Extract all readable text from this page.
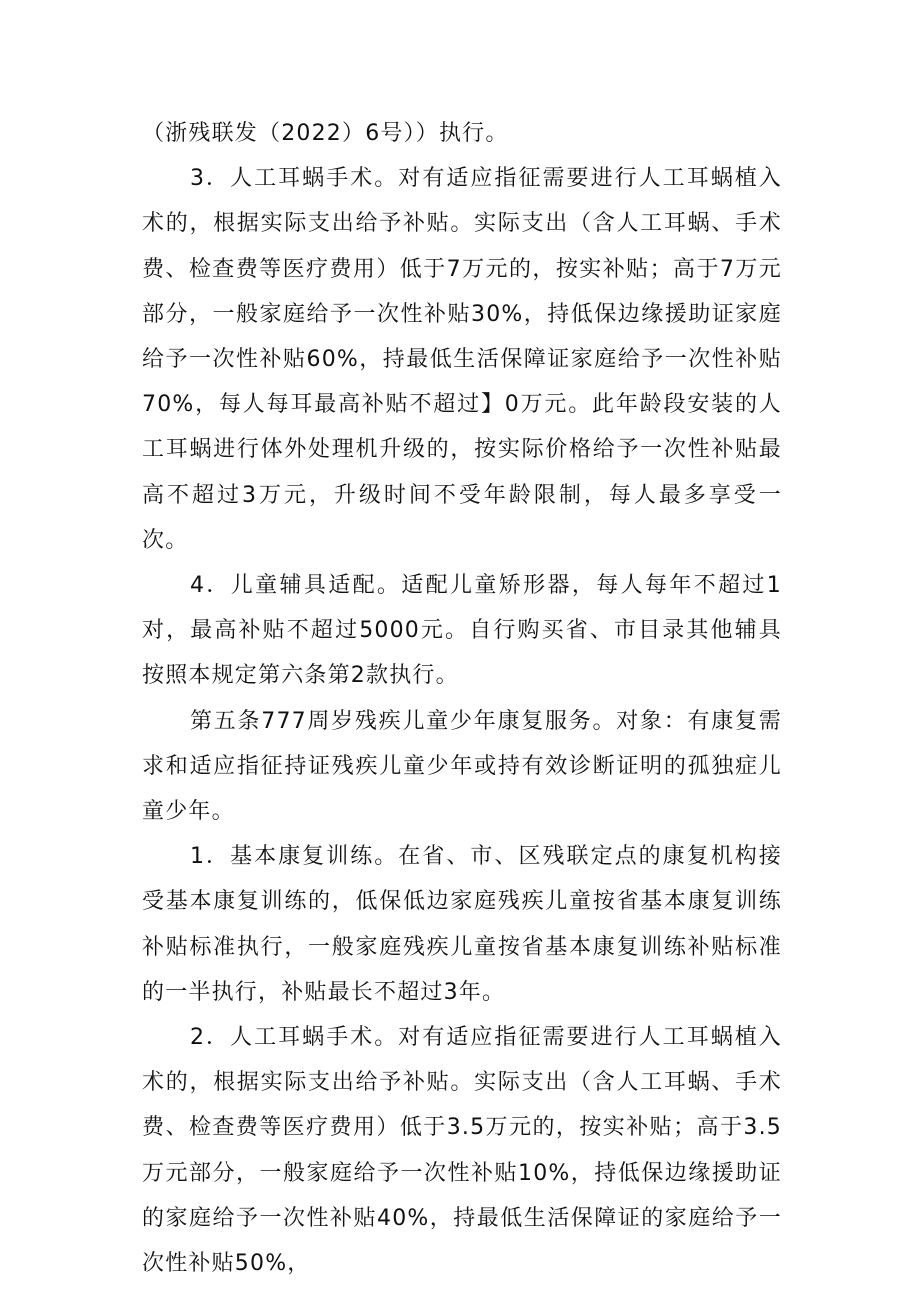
（浙残联发（2022）6号））执行。

3．人工耳蜗手术。对有适应指征需要进行人工耳蜗植入术的，根据实际支出给予补贴。实际支出（含人工耳蜗、手术费、检查费等医疗费用）低于7万元的，按实补贴；高于7万元部分，一般家庭给予一次性补贴30%，持低保边缘援助证家庭给予一次性补贴60%，持最低生活保障证家庭给予一次性补贴70%，每人每耳最高补贴不超过】0万元。此年龄段安装的人工耳蜗进行体外处理机升级的，按实际价格给予一次性补贴最高不超过3万元，升级时间不受年龄限制，每人最多享受一次。

4．儿童辅具适配。适配儿童矫形器，每人每年不超过1对，最高补贴不超过5000元。自行购买省、市目录其他辅具按照本规定第六条第2款执行。

第五条777周岁残疾儿童少年康复服务。对象：有康复需求和适应指征持证残疾儿童少年或持有效诊断证明的孤独症儿童少年。

1．基本康复训练。在省、市、区残联定点的康复机构接受基本康复训练的，低保低边家庭残疾儿童按省基本康复训练补贴标准执行，一般家庭残疾儿童按省基本康复训练补贴标准的一半执行，补贴最长不超过3年。

2．人工耳蜗手术。对有适应指征需要进行人工耳蜗植入术的，根据实际支出给予补贴。实际支出（含人工耳蜗、手术费、检查费等医疗费用）低于3.5万元的，按实补贴；高于3.5万元部分，一般家庭给予一次性补贴10%，持低保边缘援助证的家庭给予一次性补贴40%，持最低生活保障证的家庭给予一次性补贴50%，
